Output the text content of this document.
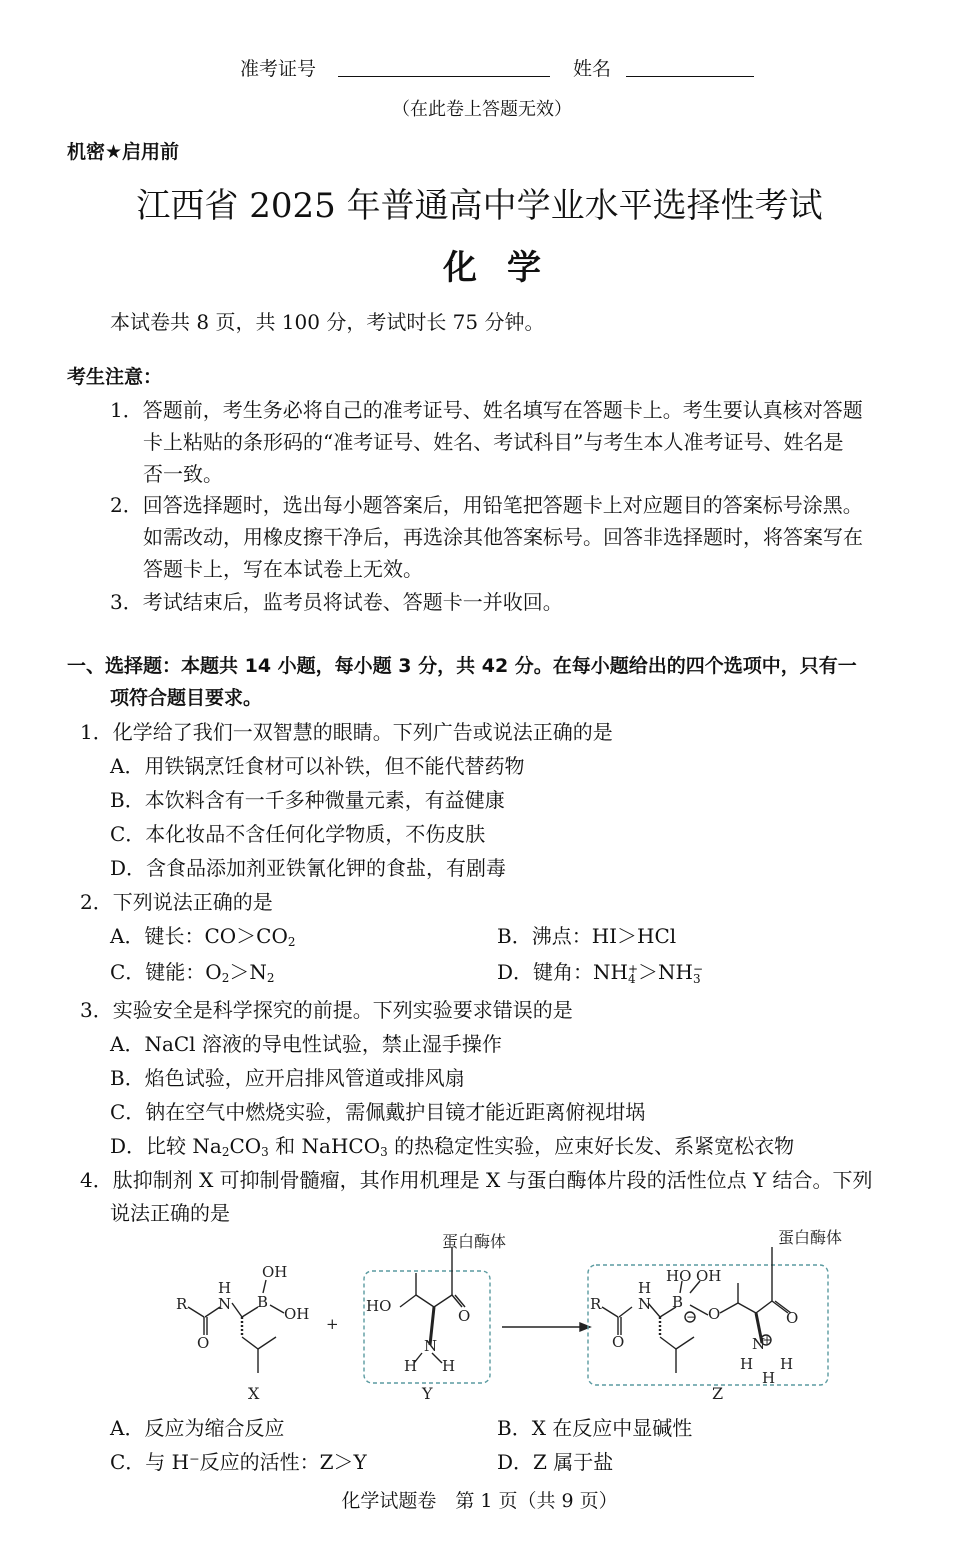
准考证号	姓名
（在此卷上答题无效）
机密★启用前
江西省 2025 年普通高中学业水平选择性考试
化学
本试卷共 8 页，共 100 分，考试时长 75 分钟。
考生注意：
1．答题前，考生务必将自己的准考证号、姓名填写在答题卡上。考生要认真核对答题
卡上粘贴的条形码的“准考证号、姓名、考试科目”与考生本人准考证号、姓名是
否一致。
2．回答选择题时，选出每小题答案后，用铅笔把答题卡上对应题目的答案标号涂黑。
如需改动，用橡皮擦干净后，再选涂其他答案标号。回答非选择题时，将答案写在
答题卡上，写在本试卷上无效。
3．考试结束后，监考员将试卷、答题卡一并收回。
一、选择题：本题共 14 小题，每小题 3 分，共 42 分。在每小题给出的四个选项中，只有一
项符合题目要求。
1．化学给了我们一双智慧的眼睛。下列广告或说法正确的是
A．用铁锅烹饪食材可以补铁，但不能代替药物
B．本饮料含有一千多种微量元素，有益健康
C．本化妆品不含任何化学物质，不伤皮肤
D．含食品添加剂亚铁氰化钾的食盐，有剧毒
2．下列说法正确的是
A．键长：$CO>CO_2$	B．沸点：HI＞HCl
C．键能：$O_2>N_2$	D．键角：NH +
4 ＞NH −
3
3．实验安全是科学探究的前提。下列实验要求错误的是
A．NaCl 溶液的导电性试验，禁止湿手操作
B．焰色试验，应开启排风管道或排风扇
C．钠在空气中燃烧实验，需佩戴护目镜才能近距离俯视坩埚
D．比较 $Na_2CO_3$ 和 NaHCO$_3$ 的热稳定性实验，应束好长发、系紧宽松衣物
4．肽抑制剂 X 可抑制骨髓瘤，其作用机理是 X 与蛋白酶体片段的活性位点 Y 结合。下列
说法正确的是
R
O
H
N B
OH
OH
+
HO
O
N
H H
R
O
H
N B
HO OH
O	O
N
H H
H
−
+
蛋白酶体	蛋白酶体
X	Y	Z
A．反应为缩合反应	B．X 在反应中显碱性
C．与 H⁻反应的活性：Z＞Y	D．Z 属于盐
化学试题卷　第 1 页（共 9 页）
